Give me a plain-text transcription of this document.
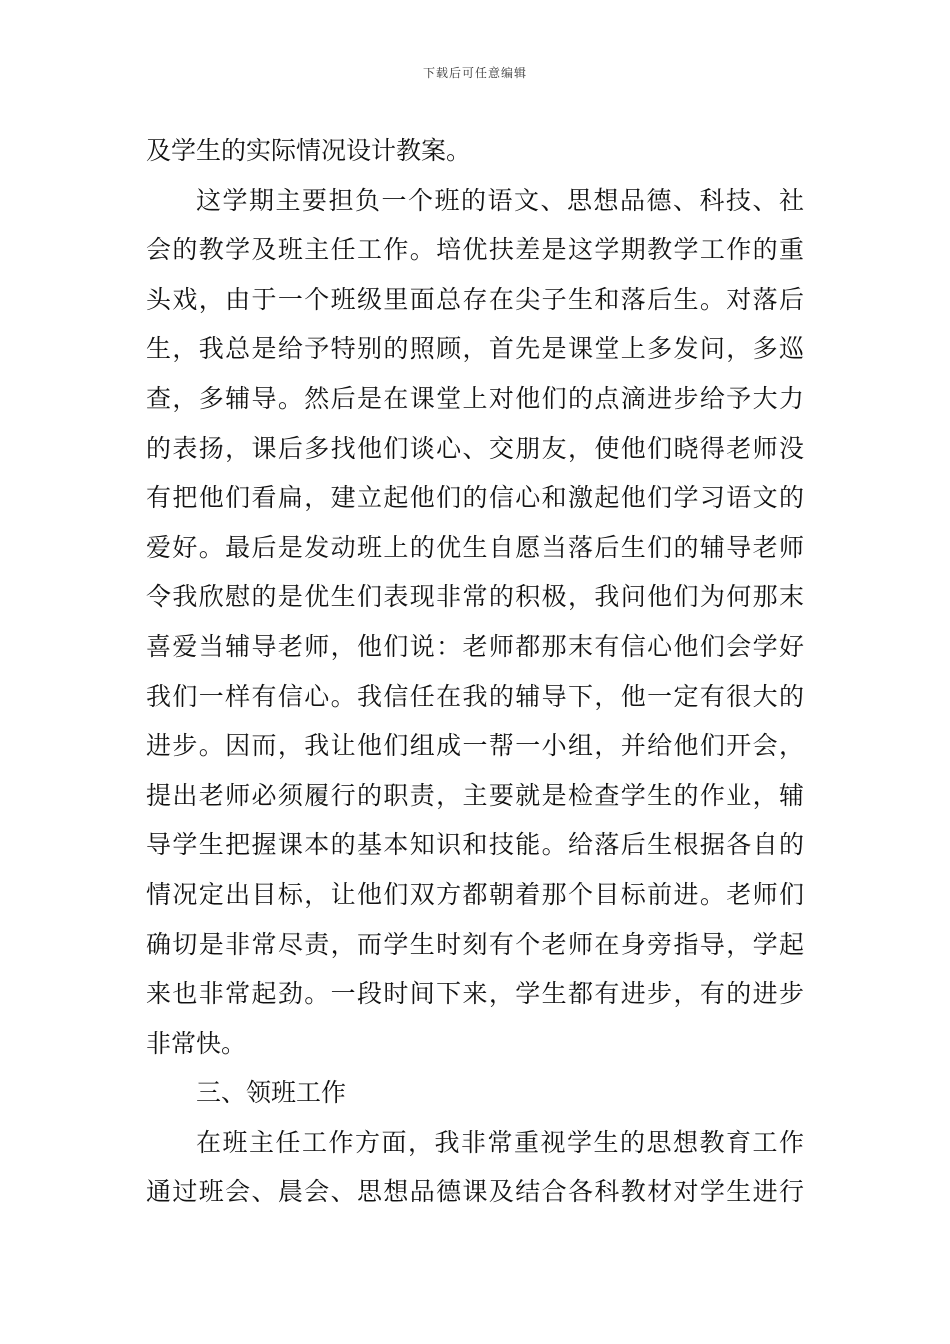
下载后可任意编辑
及学生的实际情况设计教案。
这学期主要担负一个班的语文、思想品德、科技、社
会的教学及班主任工作。培优扶差是这学期教学工作的重
头戏，由于一个班级里面总存在尖子生和落后生。对落后
生，我总是给予特别的照顾，首先是课堂上多发问，多巡
查，多辅导。然后是在课堂上对他们的点滴进步给予大力
的表扬，课后多找他们谈心、交朋友，使他们晓得老师没
有把他们看扁，建立起他们的信心和激起他们学习语文的
爱好。最后是发动班上的优生自愿当落后生们的辅导老师
令我欣慰的是优生们表现非常的积极，我问他们为何那末
喜爱当辅导老师，他们说：老师都那末有信心他们会学好
我们一样有信心。我信任在我的辅导下，他一定有很大的
进步。因而，我让他们组成一帮一小组，并给他们开会，
提出老师必须履行的职责，主要就是检查学生的作业，辅
导学生把握课本的基本知识和技能。给落后生根据各自的
情况定出目标，让他们双方都朝着那个目标前进。老师们
确切是非常尽责，而学生时刻有个老师在身旁指导，学起
来也非常起劲。一段时间下来，学生都有进步，有的进步
非常快。
三、领班工作
在班主任工作方面，我非常重视学生的思想教育工作
通过班会、晨会、思想品德课及结合各科教材对学生进行
